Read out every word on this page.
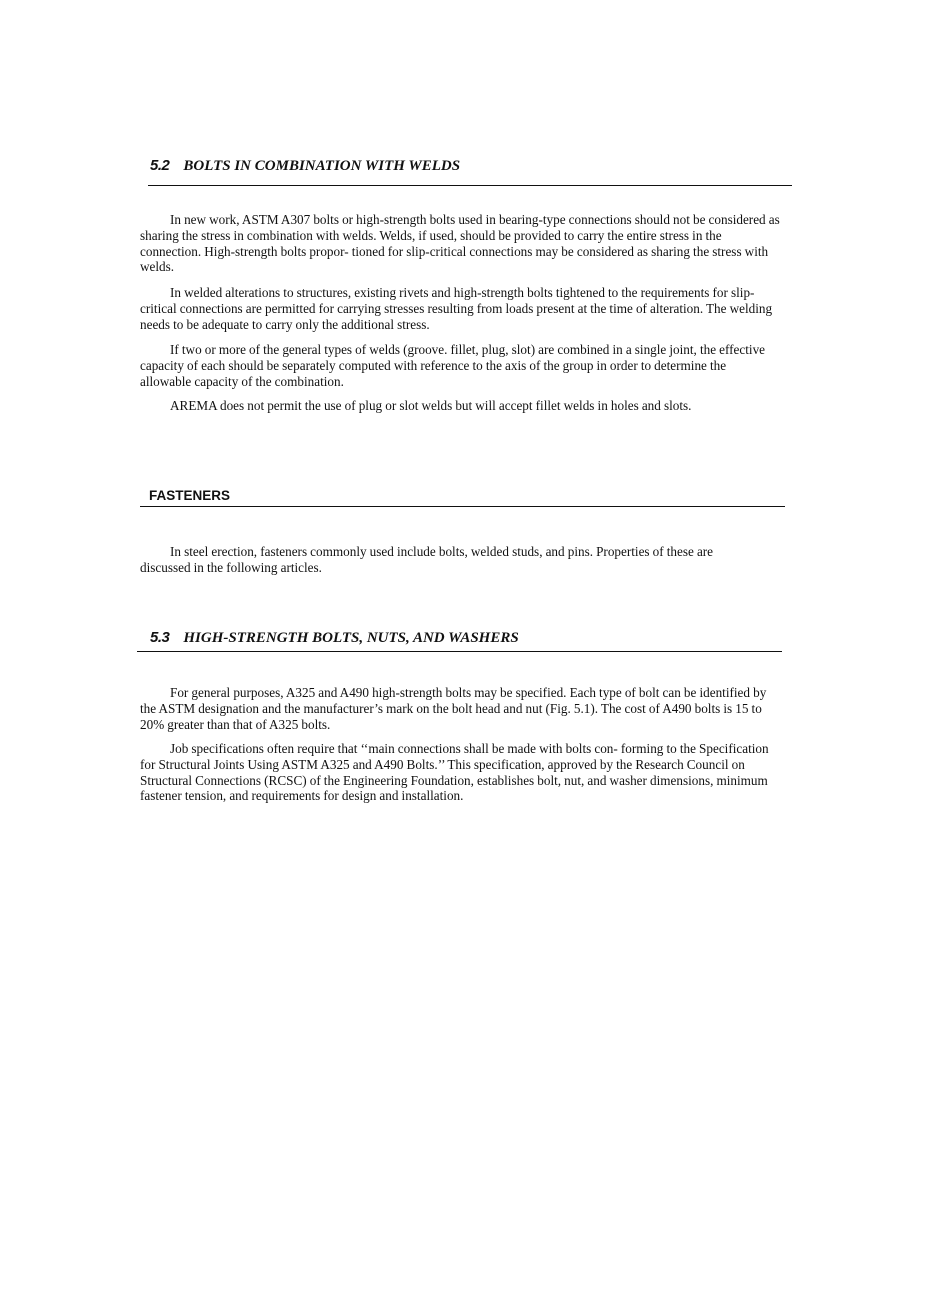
5.2 BOLTS IN COMBINATION WITH WELDS

In new work, ASTM A307 bolts or high-strength bolts used in bearing-type connections should not be considered as sharing the stress in combination with welds. Welds, if used, should be provided to carry the entire stress in the connection. High-strength bolts propor- tioned for slip-critical connections may be considered as sharing the stress with welds.

In welded alterations to structures, existing rivets and high-strength bolts tightened to the requirements for slip-critical connections are permitted for carrying stresses resulting from loads present at the time of alteration. The welding needs to be adequate to carry only the additional stress.

If two or more of the general types of welds (groove. fillet, plug, slot) are combined in a single joint, the effective capacity of each should be separately computed with reference to the axis of the group in order to determine the allowable capacity of the combination.

AREMA does not permit the use of plug or slot welds but will accept fillet welds in holes and slots.

FASTENERS

In steel erection, fasteners commonly used include bolts, welded studs, and pins. Properties of these are discussed in the following articles.

5.3 HIGH-STRENGTH BOLTS, NUTS, AND WASHERS

For general purposes, A325 and A490 high-strength bolts may be specified. Each type of bolt can be identified by the ASTM designation and the manufacturer’s mark on the bolt head and nut (Fig. 5.1). The cost of A490 bolts is 15 to 20% greater than that of A325 bolts.

Job specifications often require that ‘‘main connections shall be made with bolts con- forming to the Specification for Structural Joints Using ASTM A325 and A490 Bolts.’’ This specification, approved by the Research Council on Structural Connections (RCSC) of the Engineering Foundation, establishes bolt, nut, and washer dimensions, minimum fastener tension, and requirements for design and installation.
